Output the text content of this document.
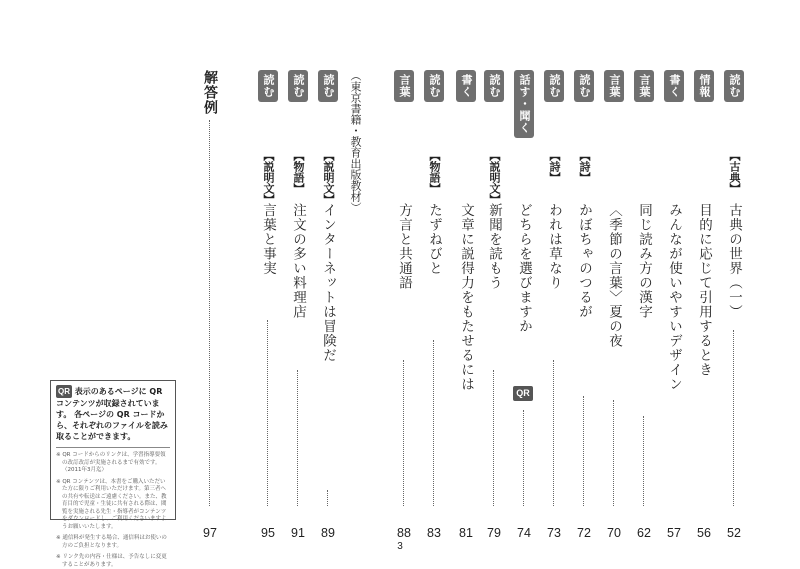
読む
【古典】
古典の世界（一）
52
情報
目的に応じて引用するとき
56
書く
みんなが使いやすいデザイン
57
言葉
同じ読み方の漢字
62
言葉
〈季節の言葉〉夏の夜
70
読む
【詩】
かぼちゃのつるが
72
読む
【詩】
われは草なり
73
話す・聞く
どちらを選びますか
QR
74
読む
【説明文】
新聞を読もう
79
書く
文章に説得力をもたせるには
81
読む
【物語】
たずねびと
83
言葉
方言と共通語
88
（東京書籍・教育出版教材）
読む
【説明文】
インターネットは冒険だ
89
読む
【物語】
注文の多い料理店
91
読む
【説明文】
言葉と事実
95
解答例
97
QR 表示のあるページに QR コンテンツが収録されています。 各ページの QR コードから、それぞれのファイルを読み取ることができます。
※ QR コードからのリンクは、学習指導要領の改訂改訂が実施されるまで有効です。（2011年3月迄）
※ QR コンテンツは、本書をご購入いただいた方に限りご利用いただけます。第三者への共有や転送はご遠慮ください。また、教育目的で児童・生徒に共有される際は、閲覧を実施される先生・指導者がコンテンツをダウンロードし、ご利用くださいますようお願いいたします。
※ 通信料が発生する場合、通信料はお使いの方のご負担となります。
※ リンク先の内容・仕様は、予告なしに変更することがあります。
3
